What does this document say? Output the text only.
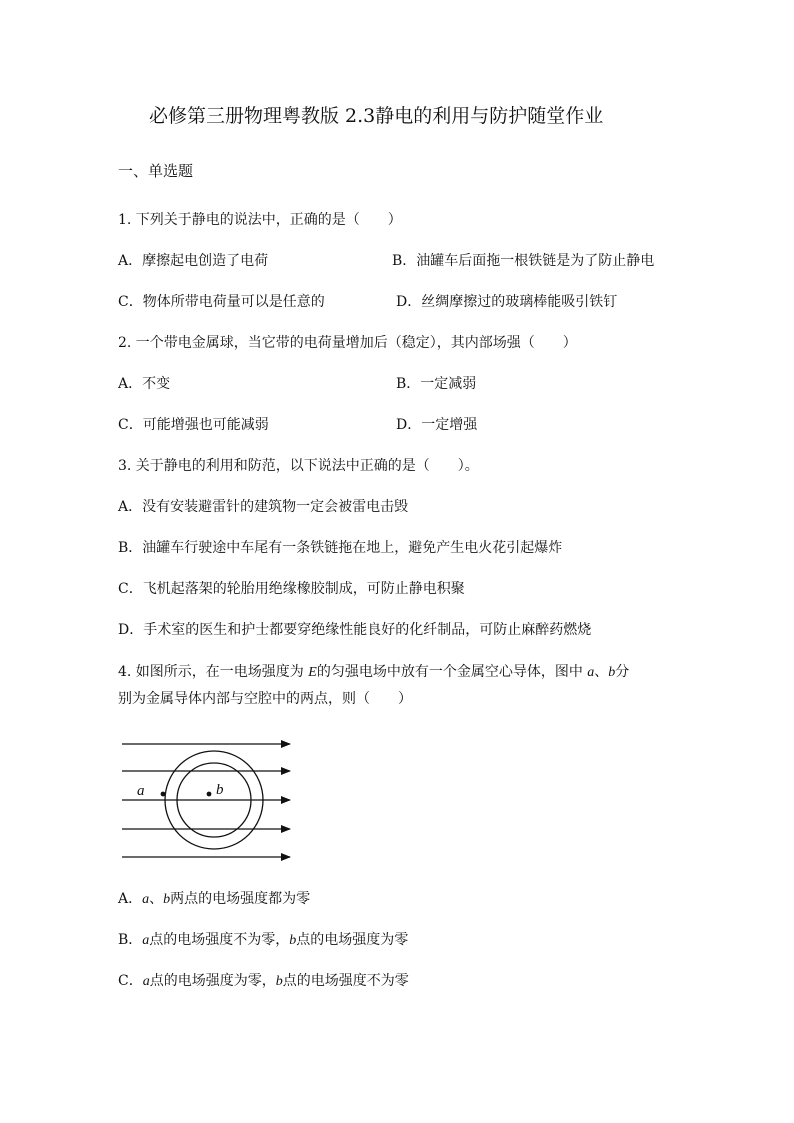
必修第三册物理粤教版 2.3静电的利用与防护随堂作业
一、单选题
1. 下列关于静电的说法中，正确的是（　　）
A．摩擦起电创造了电荷	B．油罐车后面拖一根铁链是为了防止静电
C．物体所带电荷量可以是任意的	D．丝绸摩擦过的玻璃棒能吸引铁钉
2. 一个带电金属球，当它带的电荷量增加后（稳定），其内部场强（　　）
A．不变	B．一定减弱
C．可能增强也可能减弱	D．一定增强
3. 关于静电的利用和防范，以下说法中正确的是（　　）。
A．没有安装避雷针的建筑物一定会被雷电击毁
B．油罐车行驶途中车尾有一条铁链拖在地上，避免产生电火花引起爆炸
C．飞机起落架的轮胎用绝缘橡胶制成，可防止静电积聚
D．手术室的医生和护士都要穿绝缘性能良好的化纤制品，可防止麻醉药燃烧
4. 如图所示，在一电场强度为 E的匀强电场中放有一个金属空心导体，图中 a、b分
别为金属导体内部与空腔中的两点，则（　　）
a	b
A．a、b两点的电场强度都为零
B．a点的电场强度不为零，b点的电场强度为零
C．a点的电场强度为零，b点的电场强度不为零
